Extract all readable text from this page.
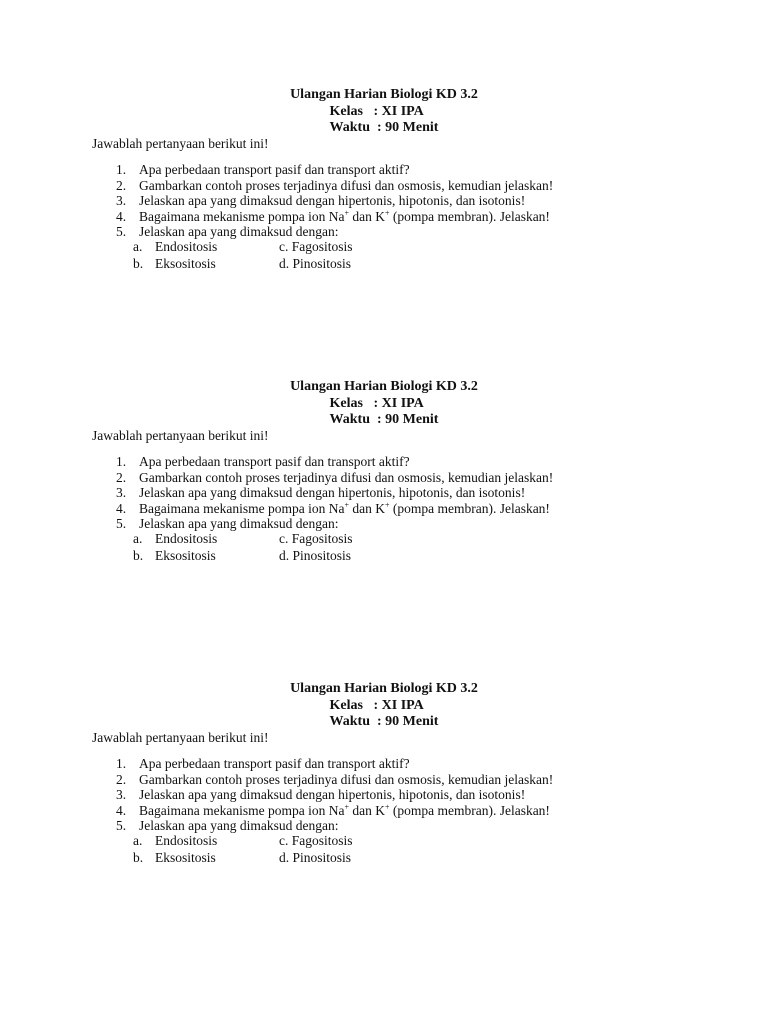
Ulangan Harian Biologi KD 3.2
Kelas   : XI IPA
Waktu  : 90 Menit
Jawablah pertanyaan berikut ini!
1. Apa perbedaan transport pasif dan transport aktif?
2. Gambarkan contoh proses terjadinya difusi dan osmosis, kemudian jelaskan!
3. Jelaskan apa yang dimaksud dengan hipertonis, hipotonis, dan isotonis!
4. Bagaimana mekanisme pompa ion Na+ dan K+ (pompa membran). Jelaskan!
5. Jelaskan apa yang dimaksud dengan:
a. Endositosis	c. Fagositosis
b. Eksositosis	d. Pinositosis
Ulangan Harian Biologi KD 3.2
Kelas   : XI IPA
Waktu  : 90 Menit
Jawablah pertanyaan berikut ini!
1. Apa perbedaan transport pasif dan transport aktif?
2. Gambarkan contoh proses terjadinya difusi dan osmosis, kemudian jelaskan!
3. Jelaskan apa yang dimaksud dengan hipertonis, hipotonis, dan isotonis!
4. Bagaimana mekanisme pompa ion Na+ dan K+ (pompa membran). Jelaskan!
5. Jelaskan apa yang dimaksud dengan:
a. Endositosis	c. Fagositosis
b. Eksositosis	d. Pinositosis
Ulangan Harian Biologi KD 3.2
Kelas   : XI IPA
Waktu  : 90 Menit
Jawablah pertanyaan berikut ini!
1. Apa perbedaan transport pasif dan transport aktif?
2. Gambarkan contoh proses terjadinya difusi dan osmosis, kemudian jelaskan!
3. Jelaskan apa yang dimaksud dengan hipertonis, hipotonis, dan isotonis!
4. Bagaimana mekanisme pompa ion Na+ dan K+ (pompa membran). Jelaskan!
5. Jelaskan apa yang dimaksud dengan:
a. Endositosis	c. Fagositosis
b. Eksositosis	d. Pinositosis
